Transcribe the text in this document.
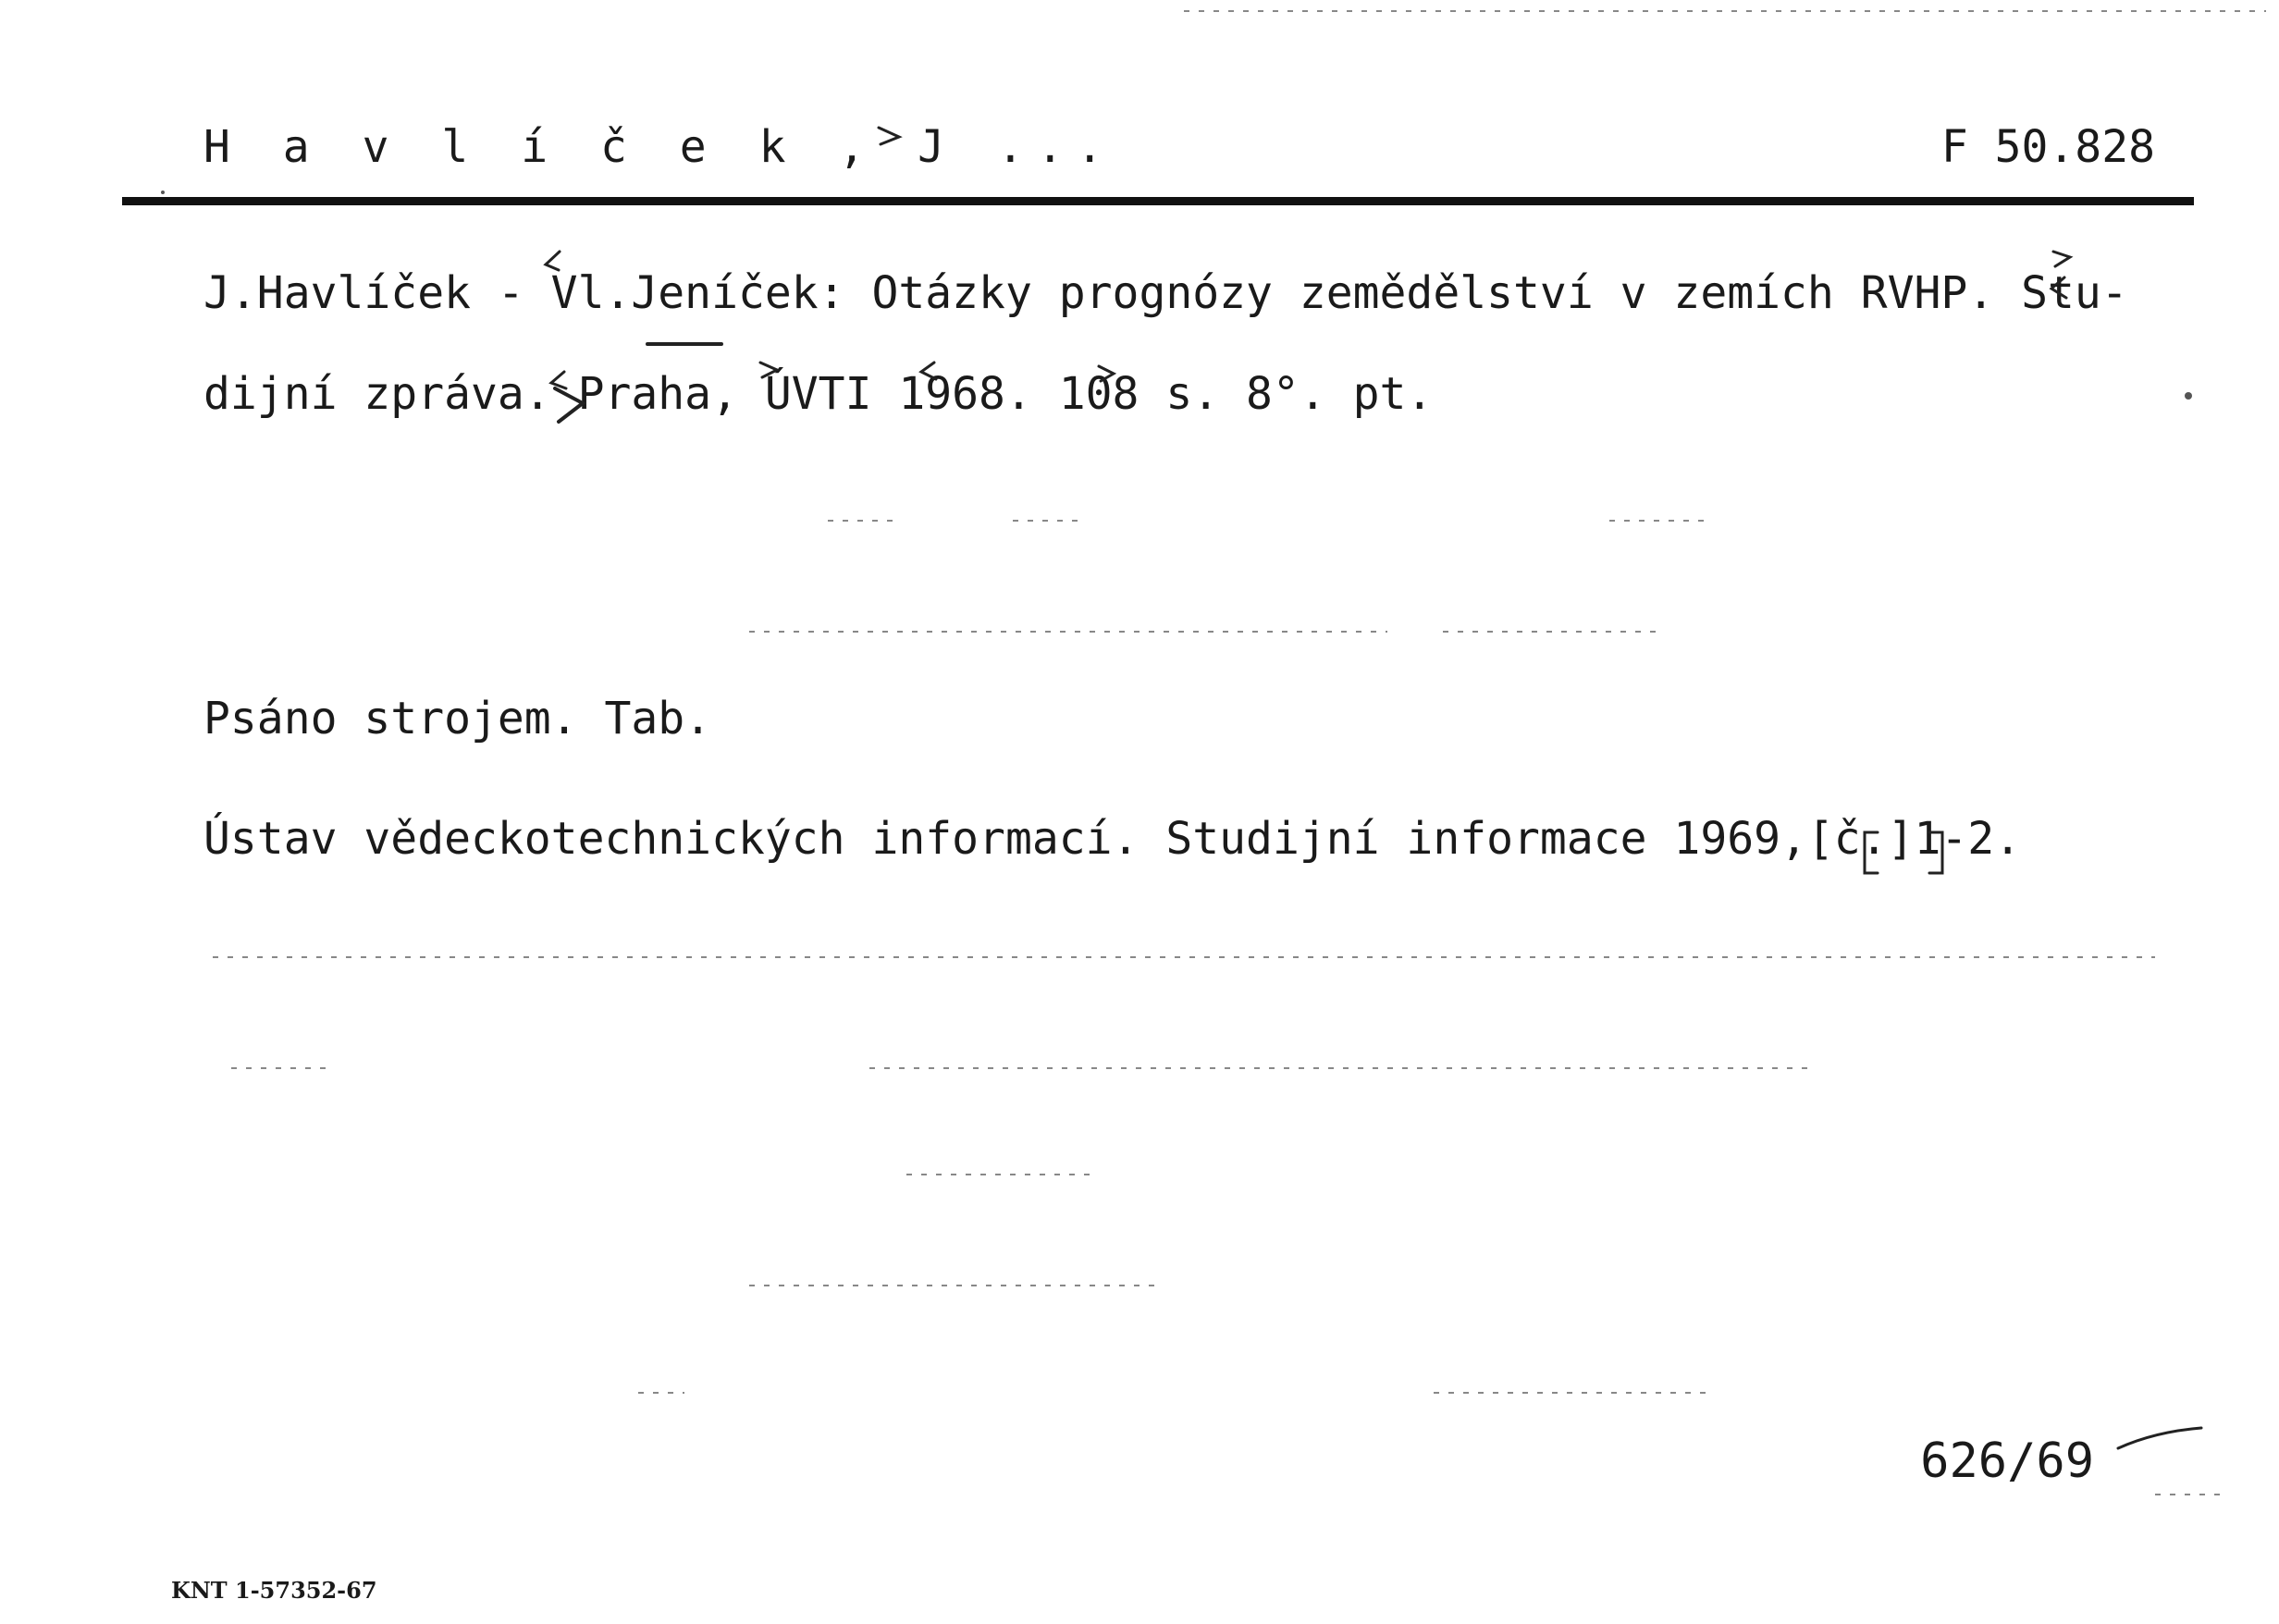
H a v l í č e k , J ...	F 50.828
J.Havlíček - Vl.Jeníček: Otázky prognózy zemědělství v zemích RVHP. Stu-
dijní zpráva. Praha, ÚVTI 1968. 108 s. 8°. pt.
Psáno strojem. Tab.
Ústav vědeckotechnických informací. Studijní informace 1969,[č.]1-2.
626/69
KNT 1-57352-67
